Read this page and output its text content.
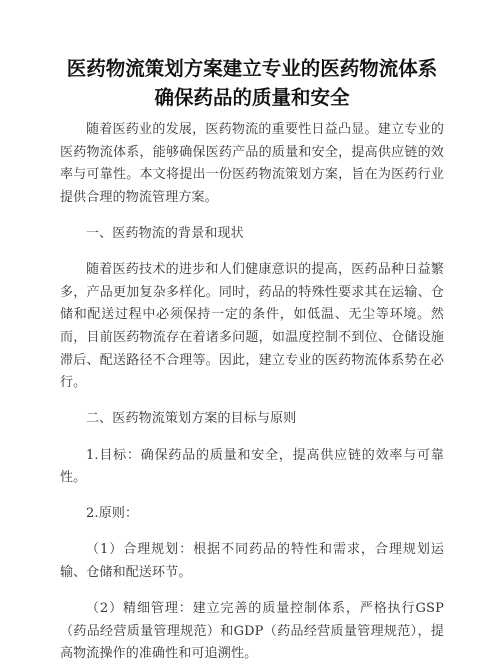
医药物流策划方案建立专业的医药物流体系
确保药品的质量和安全

随着医药业的发展，医药物流的重要性日益凸显。建立专业的医药物流体系，能够确保医药产品的质量和安全，提高供应链的效率与可靠性。本文将提出一份医药物流策划方案，旨在为医药行业提供合理的物流管理方案。

一、医药物流的背景和现状

随着医药技术的进步和人们健康意识的提高，医药品种日益繁多，产品更加复杂多样化。同时，药品的特殊性要求其在运输、仓储和配送过程中必须保持一定的条件，如低温、无尘等环境。然而，目前医药物流存在着诸多问题，如温度控制不到位、仓储设施滞后、配送路径不合理等。因此，建立专业的医药物流体系势在必行。

二、医药物流策划方案的目标与原则

1.目标：确保药品的质量和安全，提高供应链的效率与可靠性。

2.原则：

（1）合理规划：根据不同药品的特性和需求，合理规划运输、仓储和配送环节。

（2）精细管理：建立完善的质量控制体系，严格执行GSP（药品经营质量管理规范）和GDP（药品经营质量管理规范），提高物流操作的准确性和可追溯性。
